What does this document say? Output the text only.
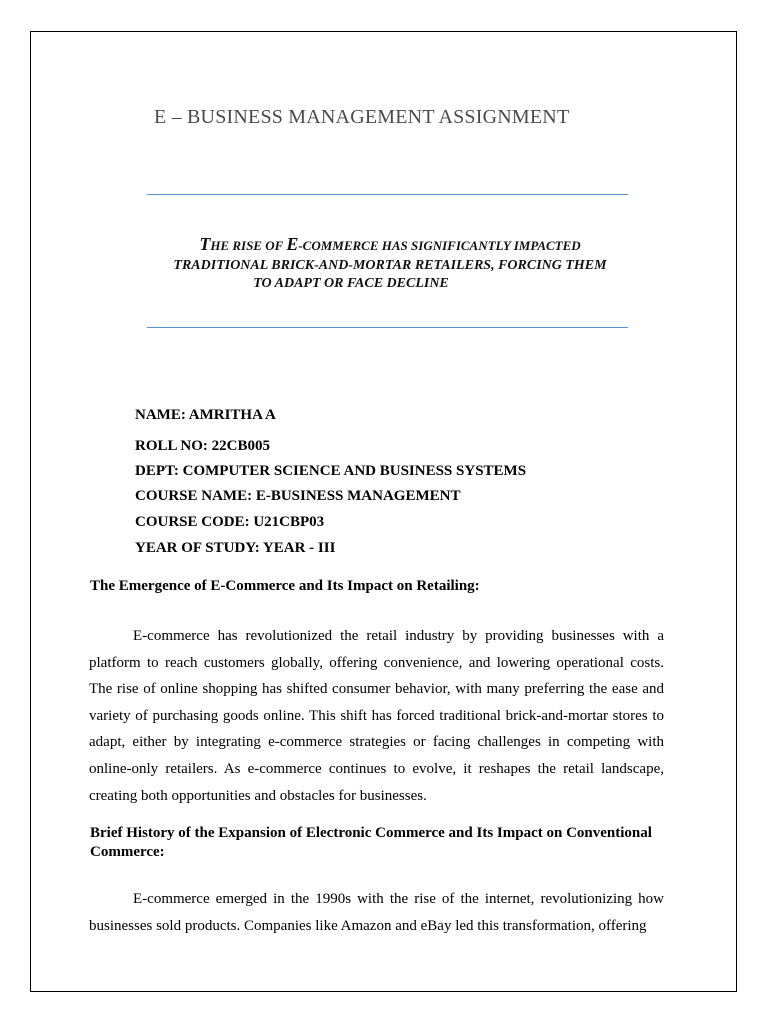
E – BUSINESS MANAGEMENT ASSIGNMENT
THE RISE OF E-COMMERCE HAS SIGNIFICANTLY IMPACTED
TRADITIONAL BRICK-AND-MORTAR RETAILERS, FORCING THEM
TO ADAPT OR FACE DECLINE
NAME: AMRITHA A
ROLL NO: 22CB005
DEPT: COMPUTER SCIENCE AND BUSINESS SYSTEMS
COURSE NAME: E-BUSINESS MANAGEMENT
COURSE CODE: U21CBP03
YEAR OF STUDY: YEAR - III
The Emergence of E-Commerce and Its Impact on Retailing:
E-commerce has revolutionized the retail industry by providing businesses with a platform to reach customers globally, offering convenience, and lowering operational costs. The rise of online shopping has shifted consumer behavior, with many preferring the ease and variety of purchasing goods online. This shift has forced traditional brick-and-mortar stores to adapt, either by integrating e-commerce strategies or facing challenges in competing with online-only retailers. As e-commerce continues to evolve, it reshapes the retail landscape, creating both opportunities and obstacles for businesses.
Brief History of the Expansion of Electronic Commerce and Its Impact on Conventional Commerce:
E-commerce emerged in the 1990s with the rise of the internet, revolutionizing how businesses sold products. Companies like Amazon and eBay led this transformation, offering
